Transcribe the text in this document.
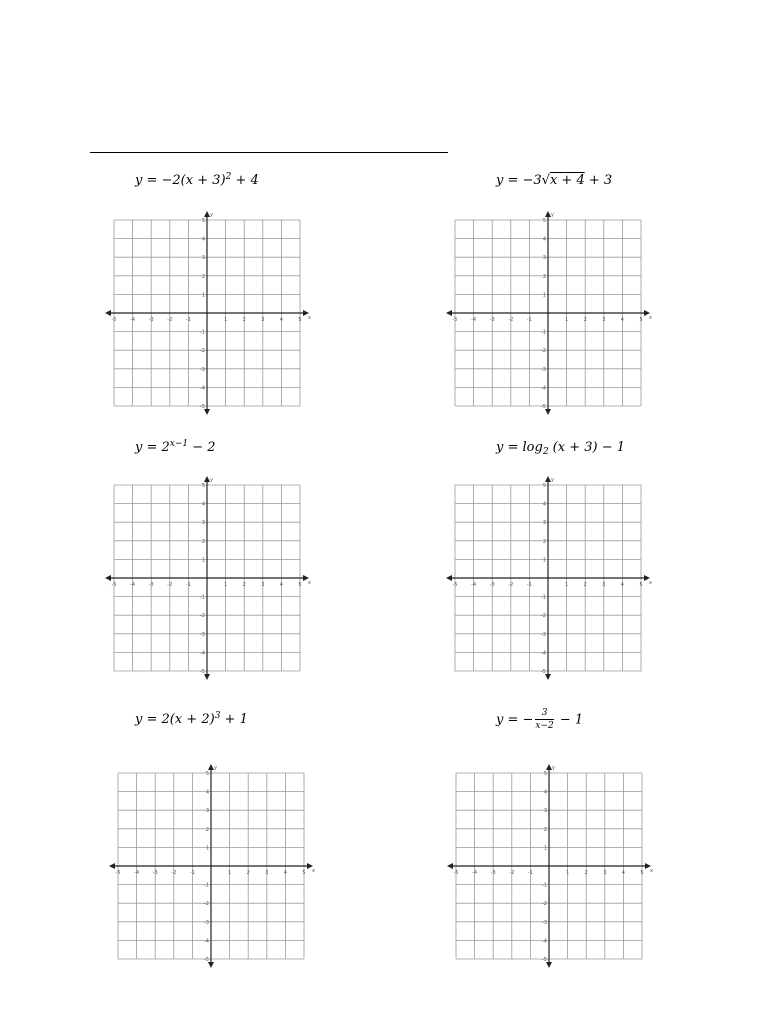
$y = -2(x + 3)^2 + 4$	y = −3√x + 4 + 3
$y = 2^{x-1} - 2$	$y = \log_2 (x + 3) - 1$
$y = 2(x + 2)^3 + 1$	y = − $\frac{3}{x-2} - 1$
-5
-5
-4
-4
-3
-3
-2
-2
-1
-1
1
1
2
2
3
3
4
4
5
5
x
y
-5
-5
-4
-4
-3
-3
-2
-2
-1
-1
1
1
2
2
3
3
4
4
5
5
x
y
-5
-5
-4
-4
-3
-3
-2
-2
-1
-1
1
1
2
2
3
3
4
4
5
5
x
y
-5
-5
-4
-4
-3
-3
-2
-2
-1
-1
1
1
2
2
3
3
4
4
5
5
x
y
-5
-5
-4
-4
-3
-3
-2
-2
-1
-1
1
1
2
2
3
3
4
4
5
5
x
y
-5
-5
-4
-4
-3
-3
-2
-2
-1
-1
1
1
2
2
3
3
4
4
5
5
x
y
